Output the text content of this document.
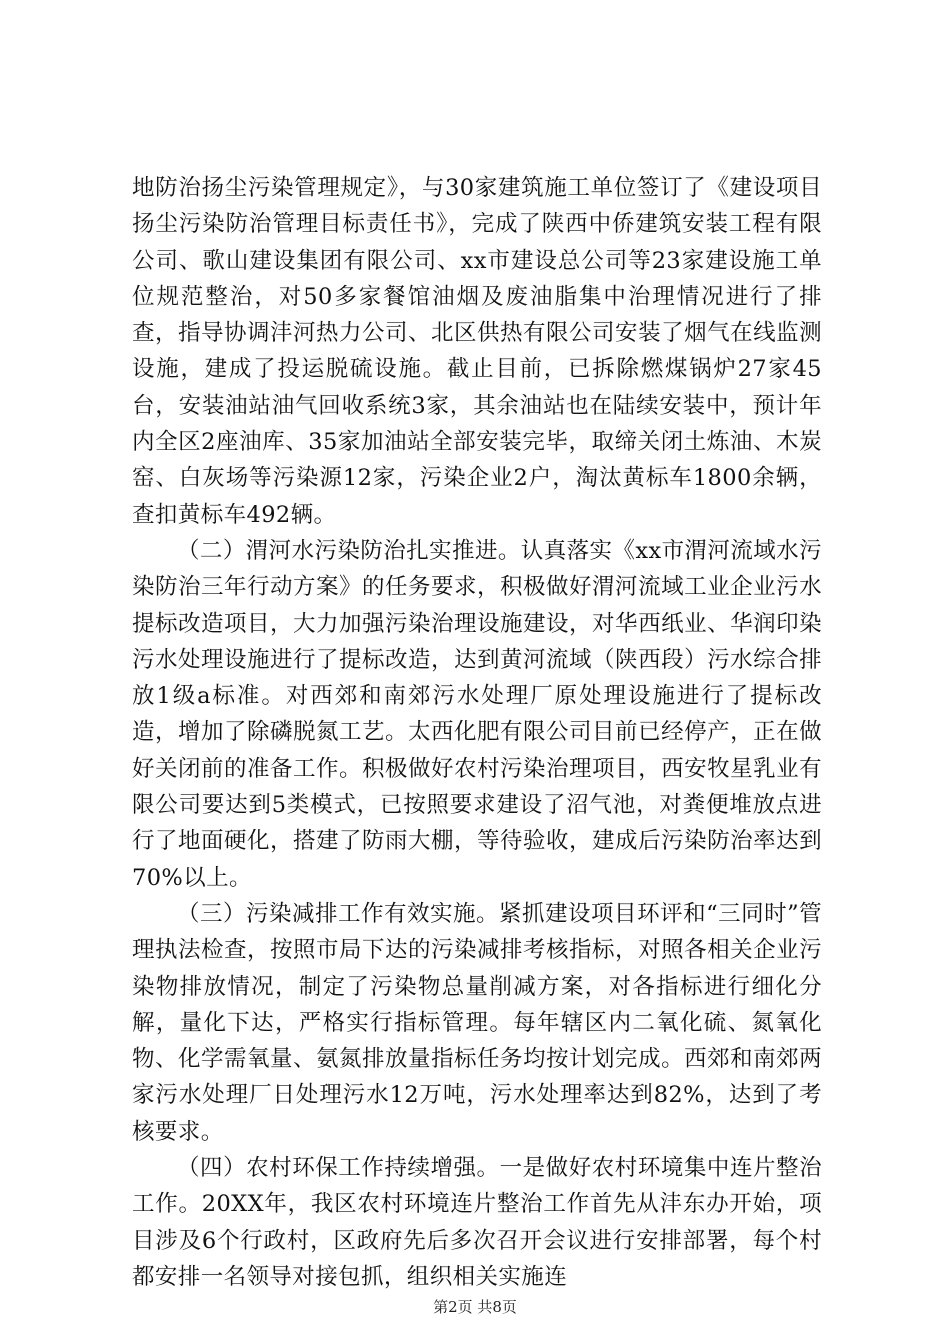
地防治扬尘污染管理规定》，与30家建筑施工单位签订了《建设项目扬尘污染防治管理目标责任书》，完成了陕西中侨建筑安装工程有限公司、歌山建设集团有限公司、xx市建设总公司等23家建设施工单位规范整治，对50多家餐馆油烟及废油脂集中治理情况进行了排查，指导协调沣河热力公司、北区供热有限公司安装了烟气在线监测设施，建成了投运脱硫设施。截止目前，已拆除燃煤锅炉27家45台，安装油站油气回收系统3家，其余油站也在陆续安装中，预计年内全区2座油库、35家加油站全部安装完毕，取缔关闭土炼油、木炭窑、白灰场等污染源12家，污染企业2户，淘汰黄标车1800余辆，查扣黄标车492辆。

（二）渭河水污染防治扎实推进。认真落实《xx市渭河流域水污染防治三年行动方案》的任务要求，积极做好渭河流域工业企业污水提标改造项目，大力加强污染治理设施建设，对华西纸业、华润印染污水处理设施进行了提标改造，达到黄河流域（陕西段）污水综合排放1级a标准。对西郊和南郊污水处理厂原处理设施进行了提标改造，增加了除磷脱氮工艺。太西化肥有限公司目前已经停产，正在做好关闭前的准备工作。积极做好农村污染治理项目，西安牧星乳业有限公司要达到5类模式，已按照要求建设了沼气池，对粪便堆放点进行了地面硬化，搭建了防雨大棚，等待验收，建成后污染防治率达到70%以上。

（三）污染减排工作有效实施。紧抓建设项目环评和“三同时”管理执法检查，按照市局下达的污染减排考核指标，对照各相关企业污染物排放情况，制定了污染物总量削减方案，对各指标进行细化分解，量化下达，严格实行指标管理。每年辖区内二氧化硫、氮氧化物、化学需氧量、氨氮排放量指标任务均按计划完成。西郊和南郊两家污水处理厂日处理污水12万吨，污水处理率达到82%，达到了考核要求。

（四）农村环保工作持续增强。一是做好农村环境集中连片整治工作。20XX年，我区农村环境连片整治工作首先从沣东办开始，项目涉及6个行政村，区政府先后多次召开会议进行安排部署，每个村都安排一名领导对接包抓，组织相关实施连

第2页 共8页
